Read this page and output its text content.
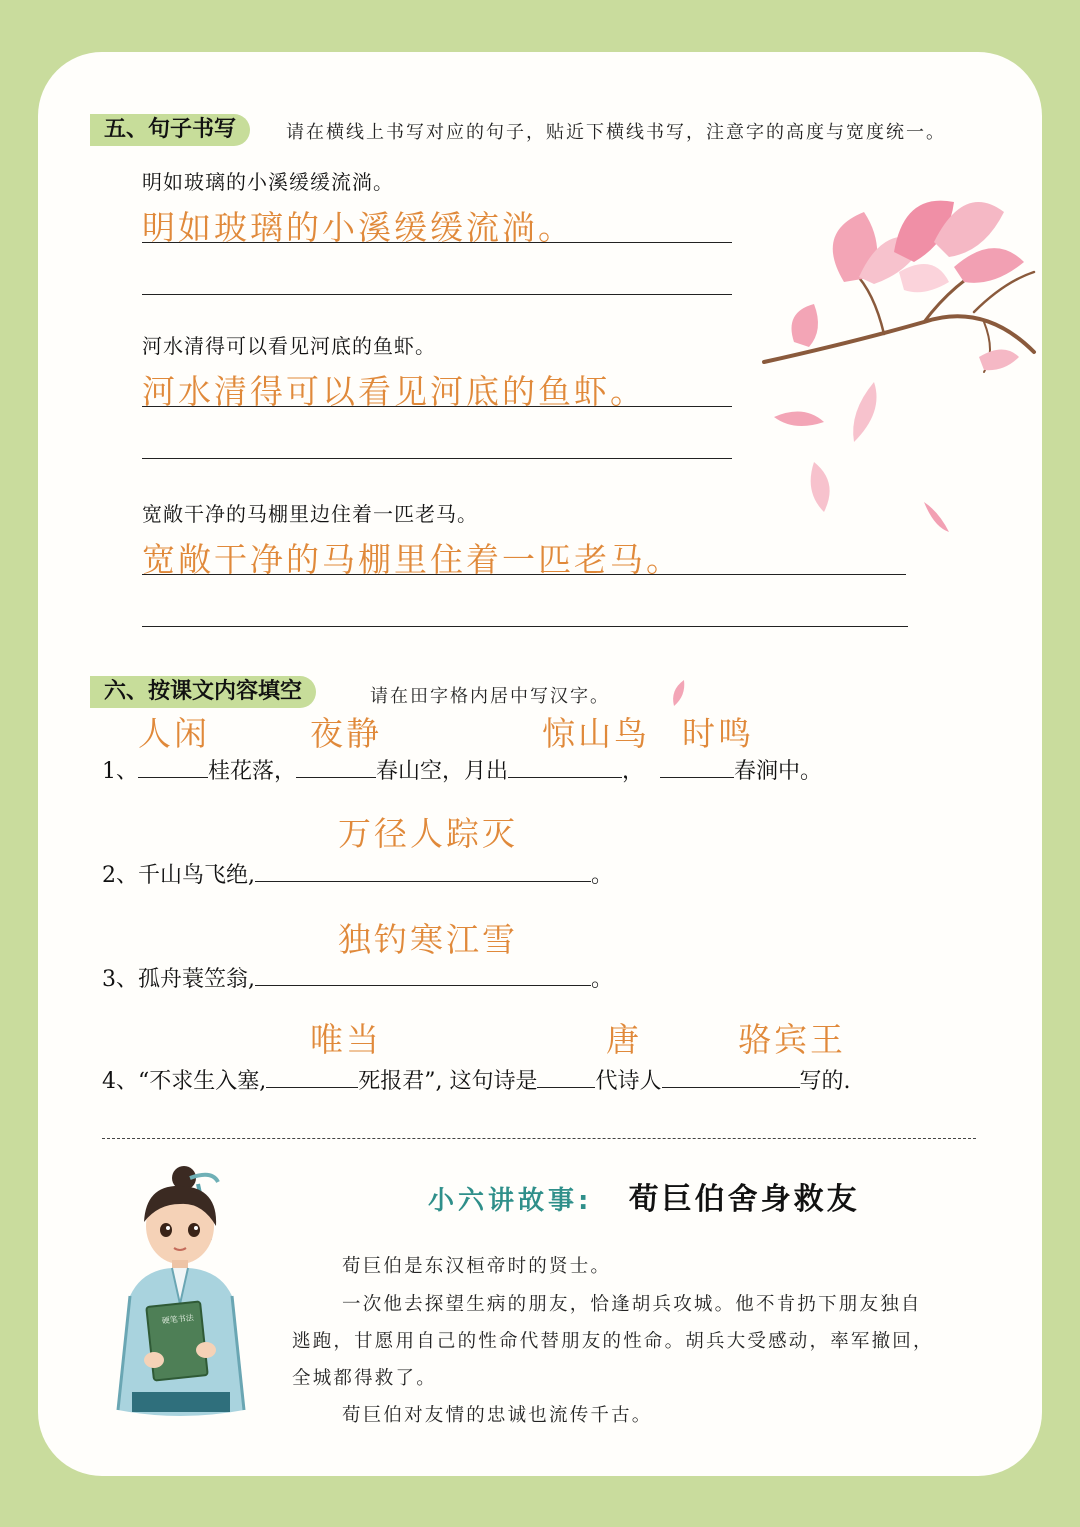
五、句子书写	请在横线上书写对应的句子，贴近下横线书写，注意字的高度与宽度统一。
明如玻璃的小溪缓缓流淌。
明如玻璃的小溪缓缓流淌。
河水清得可以看见河底的鱼虾。
河水清得可以看见河底的鱼虾。
宽敞干净的马棚里边住着一匹老马。
宽敞干净的马棚里住着一匹老马。
六、按课文内容填空	请在田字格内居中写汉字。
人闲	夜静	惊山鸟 时鸣
1、	桂花落，	春山空，月出	，	春涧中。
万径人踪灭
2、千山鸟飞绝,	。
独钓寒江雪
3、孤舟蓑笠翁,	。
唯当	唐	骆宾王
4、“不求生入塞,	死报君”, 这句诗是	代诗人	写的.
小六讲故事: 荀巨伯舍身救友
荀巨伯是东汉桓帝时的贤士。
一次他去探望生病的朋友，恰逢胡兵攻城。他不肯扔下朋友独自
逃跑，甘愿用自己的性命代替朋友的性命。胡兵大受感动，率军撤回，
全城都得救了。
荀巨伯对友情的忠诚也流传千古。
硬笔书法
